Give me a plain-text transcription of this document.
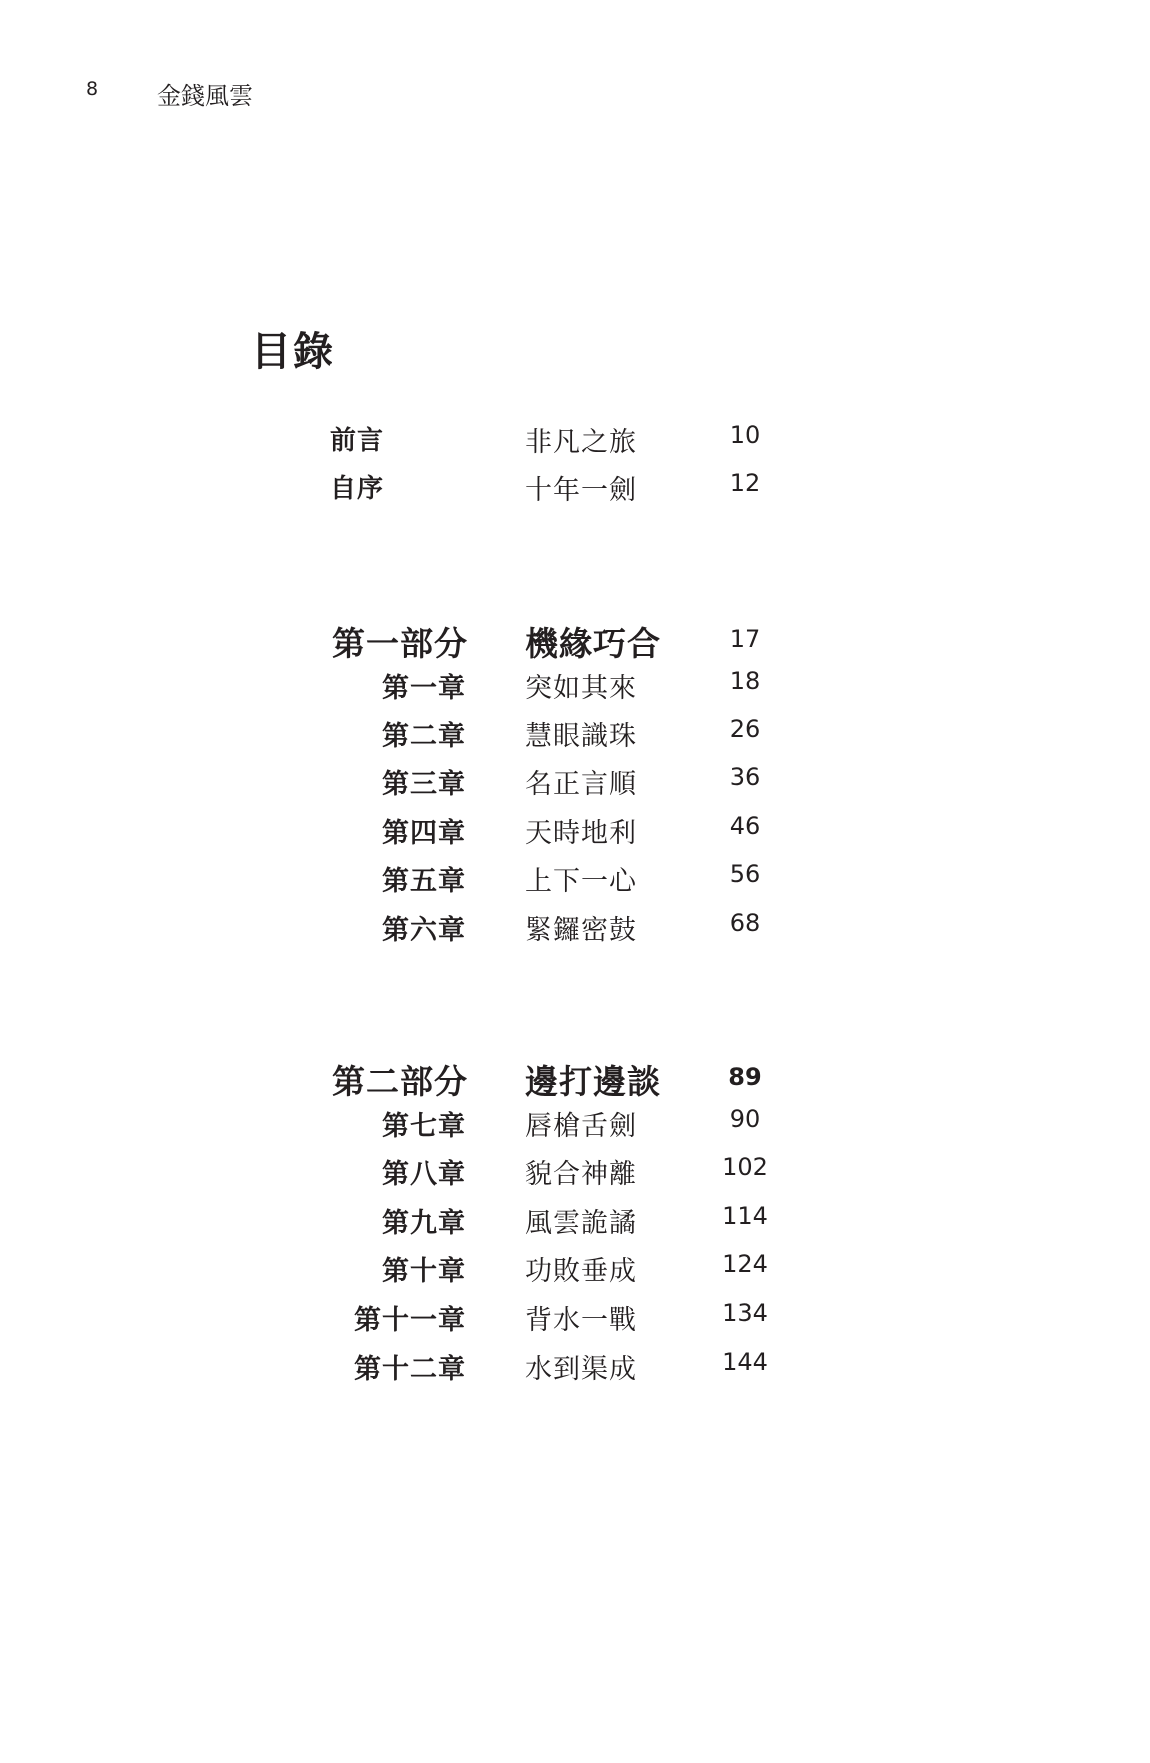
8 金錢風雲
目錄
前言	非凡之旅	10
自序	十年一劍	12
第一部分 機緣巧合	17
第一章 突如其來	18
第二章 慧眼識珠	26
第三章 名正言順	36
第四章 天時地利	46
第五章 上下一心	56
第六章 緊鑼密鼓	68
第二部分 邊打邊談	89
第七章 唇槍舌劍	90
第八章 貌合神離	102
第九章 風雲詭譎	114
第十章 功敗垂成	124
第十一章 背水一戰	134
第十二章 水到渠成	144
